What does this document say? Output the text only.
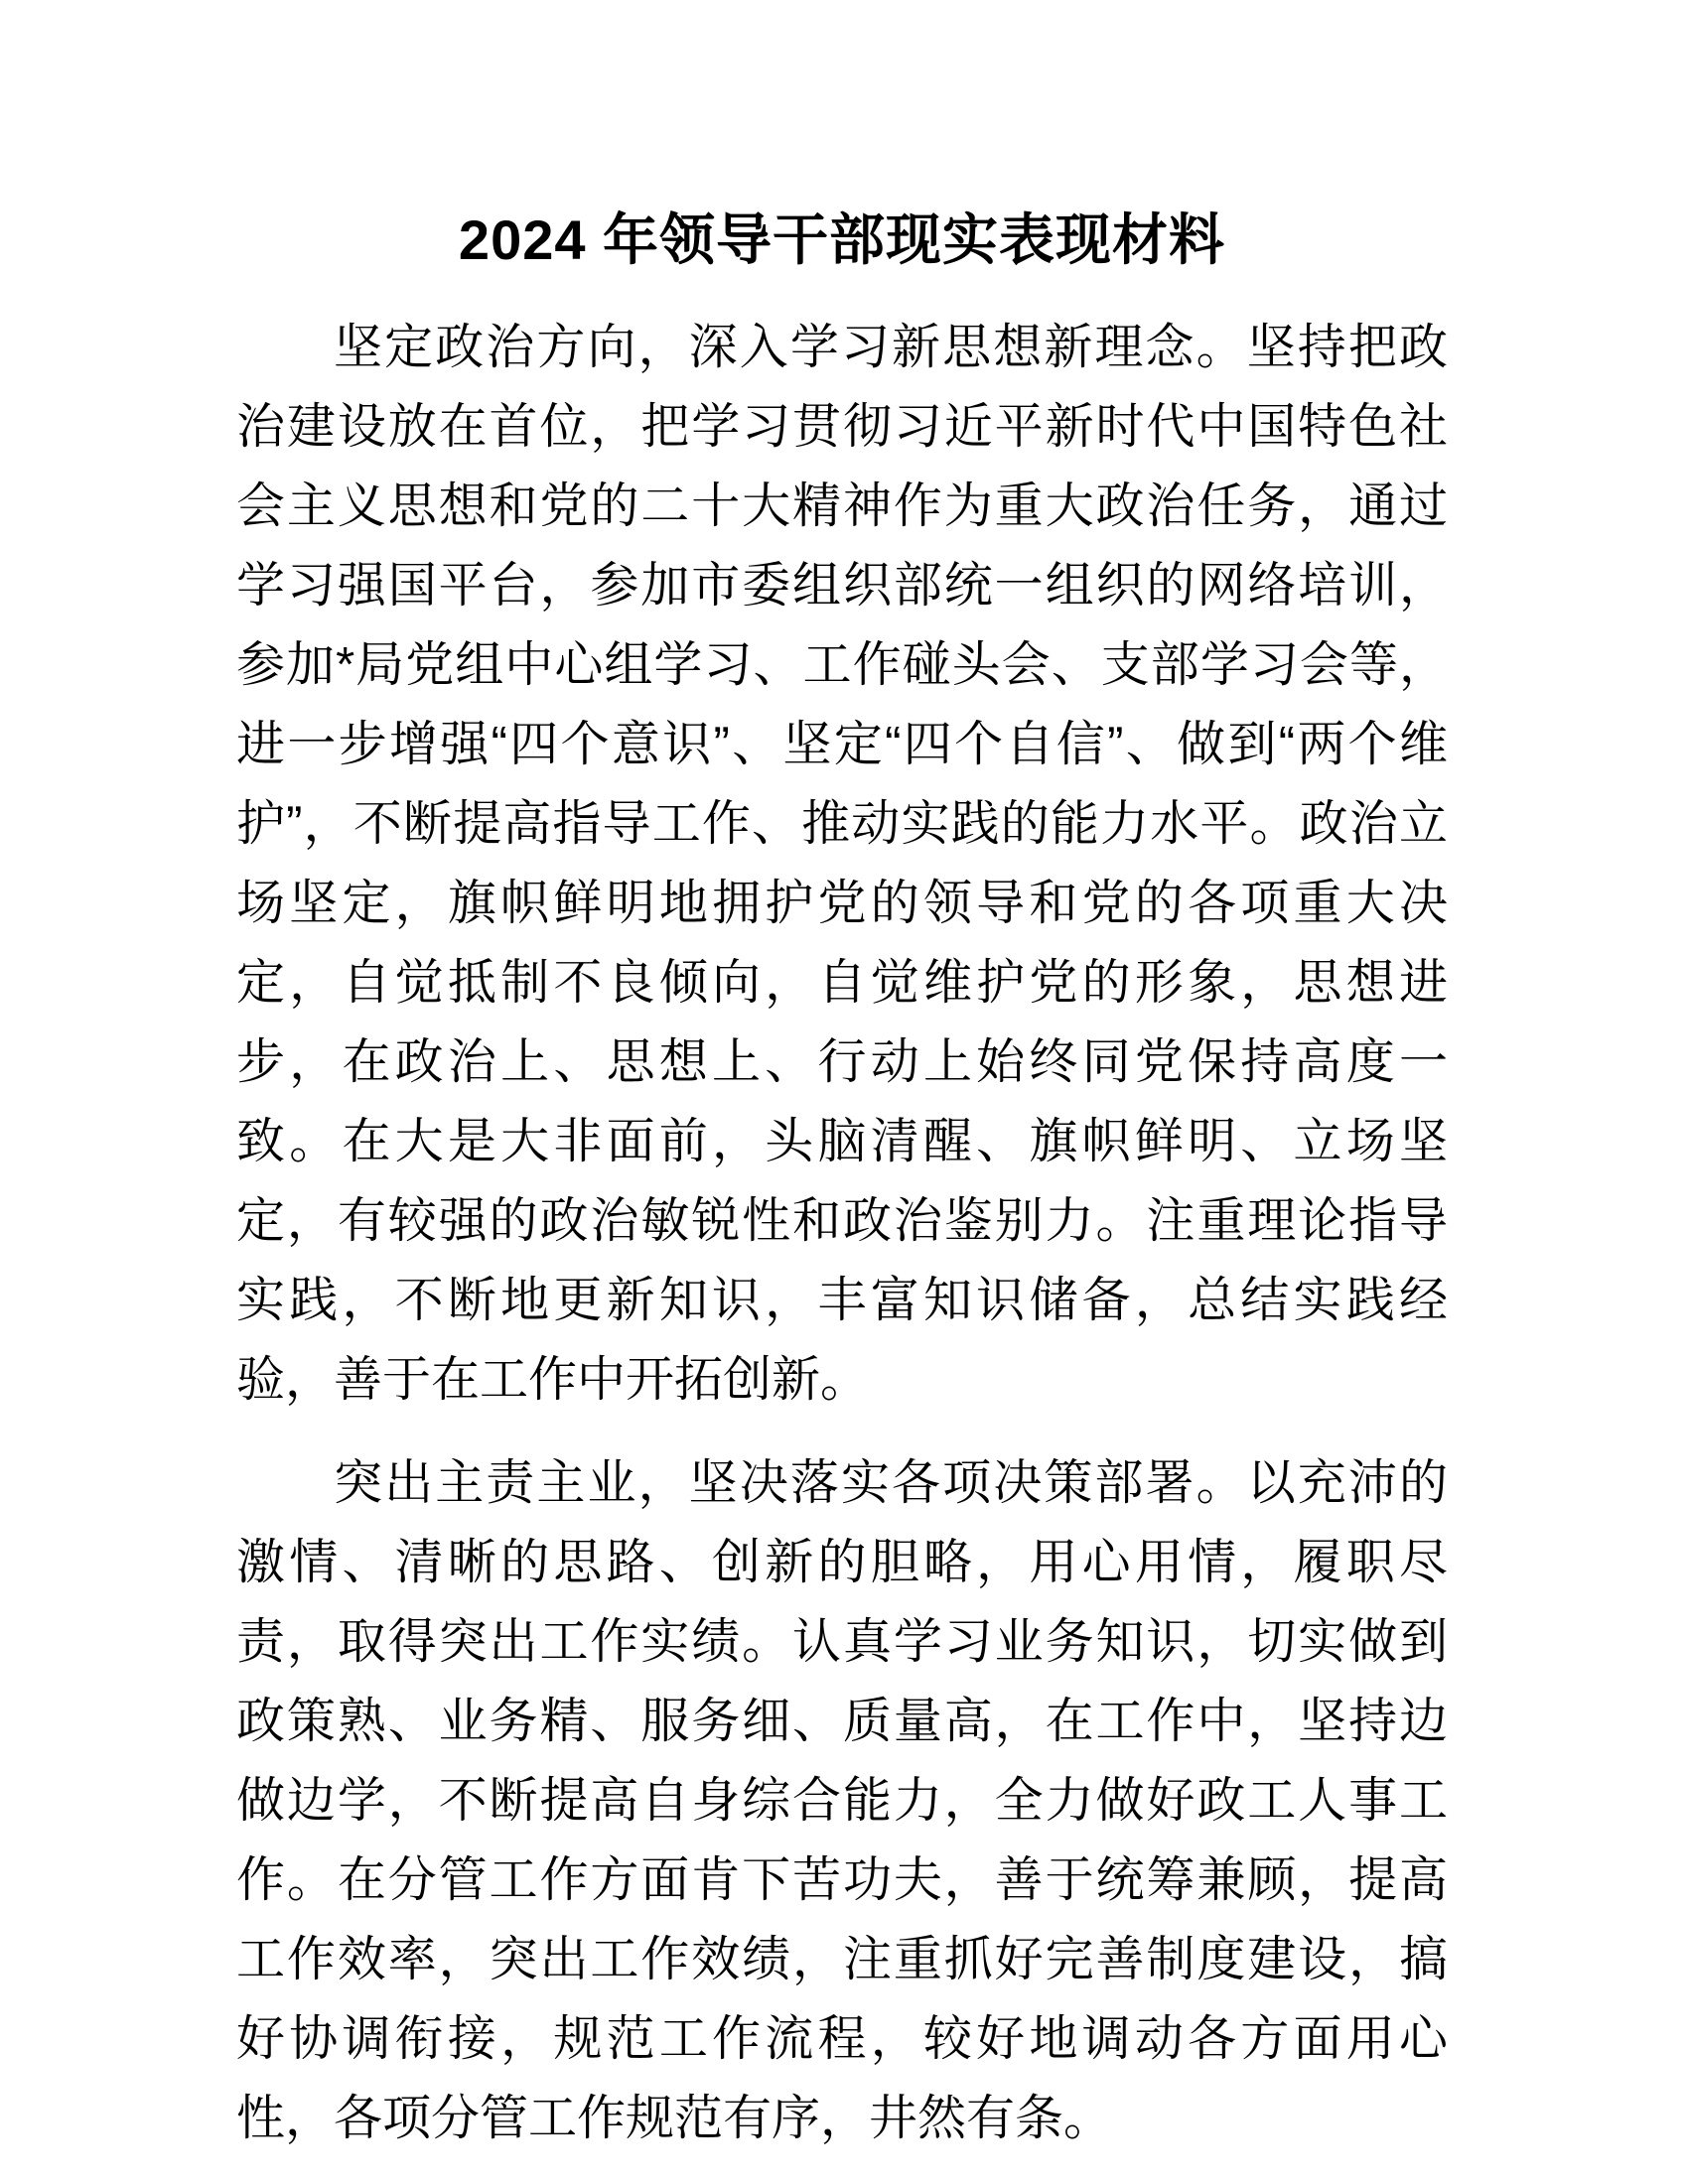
2024 年领导干部现实表现材料

坚定政治方向，深入学习新思想新理念。坚持把政治建设放在首位，把学习贯彻习近平新时代中国特色社会主义思想和党的二十大精神作为重大政治任务，通过学习强国平台，参加市委组织部统一组织的网络培训，参加*局党组中心组学习、工作碰头会、支部学习会等，进一步增强“四个意识”、坚定“四个自信”、做到“两个维护”，不断提高指导工作、推动实践的能力水平。政治立场坚定，旗帜鲜明地拥护党的领导和党的各项重大决定，自觉抵制不良倾向，自觉维护党的形象，思想进步，在政治上、思想上、行动上始终同党保持高度一致。在大是大非面前，头脑清醒、旗帜鲜明、立场坚定，有较强的政治敏锐性和政治鉴别力。注重理论指导实践，不断地更新知识，丰富知识储备，总结实践经验，善于在工作中开拓创新。

突出主责主业，坚决落实各项决策部署。以充沛的激情、清晰的思路、创新的胆略，用心用情，履职尽责，取得突出工作实绩。认真学习业务知识，切实做到政策熟、业务精、服务细、质量高，在工作中，坚持边做边学，不断提高自身综合能力，全力做好政工人事工作。在分管工作方面肯下苦功夫，善于统筹兼顾，提高工作效率，突出工作效绩，注重抓好完善制度建设，搞好协调衔接，规范工作流程，较好地调动各方面用心性，各项分管工作规范有序，井然有条。
